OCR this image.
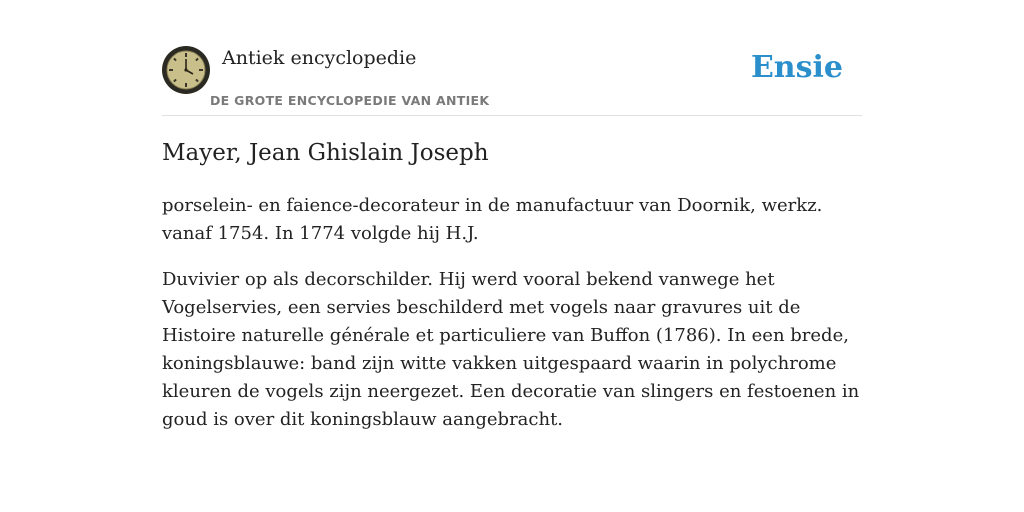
Antiek encyclopedie
DE GROTE ENCYCLOPEDIE VAN ANTIEK
Ensie
Mayer, Jean Ghislain Joseph

porselein- en faience-decorateur in de manufactuur van Doornik, werkz. vanaf 1754. In 1774 volgde hij H.J.

Duvivier op als decorschilder. Hij werd vooral bekend vanwege het Vogelservies, een servies beschilderd met vogels naar gravures uit de Histoire naturelle générale et particuliere van Buffon (1786). In een brede, koningsblauwe: band zijn witte vakken uitgespaard waarin in polychrome kleuren de vogels zijn neergezet. Een decoratie van slingers en festoenen in goud is over dit koningsblauw aangebracht.
